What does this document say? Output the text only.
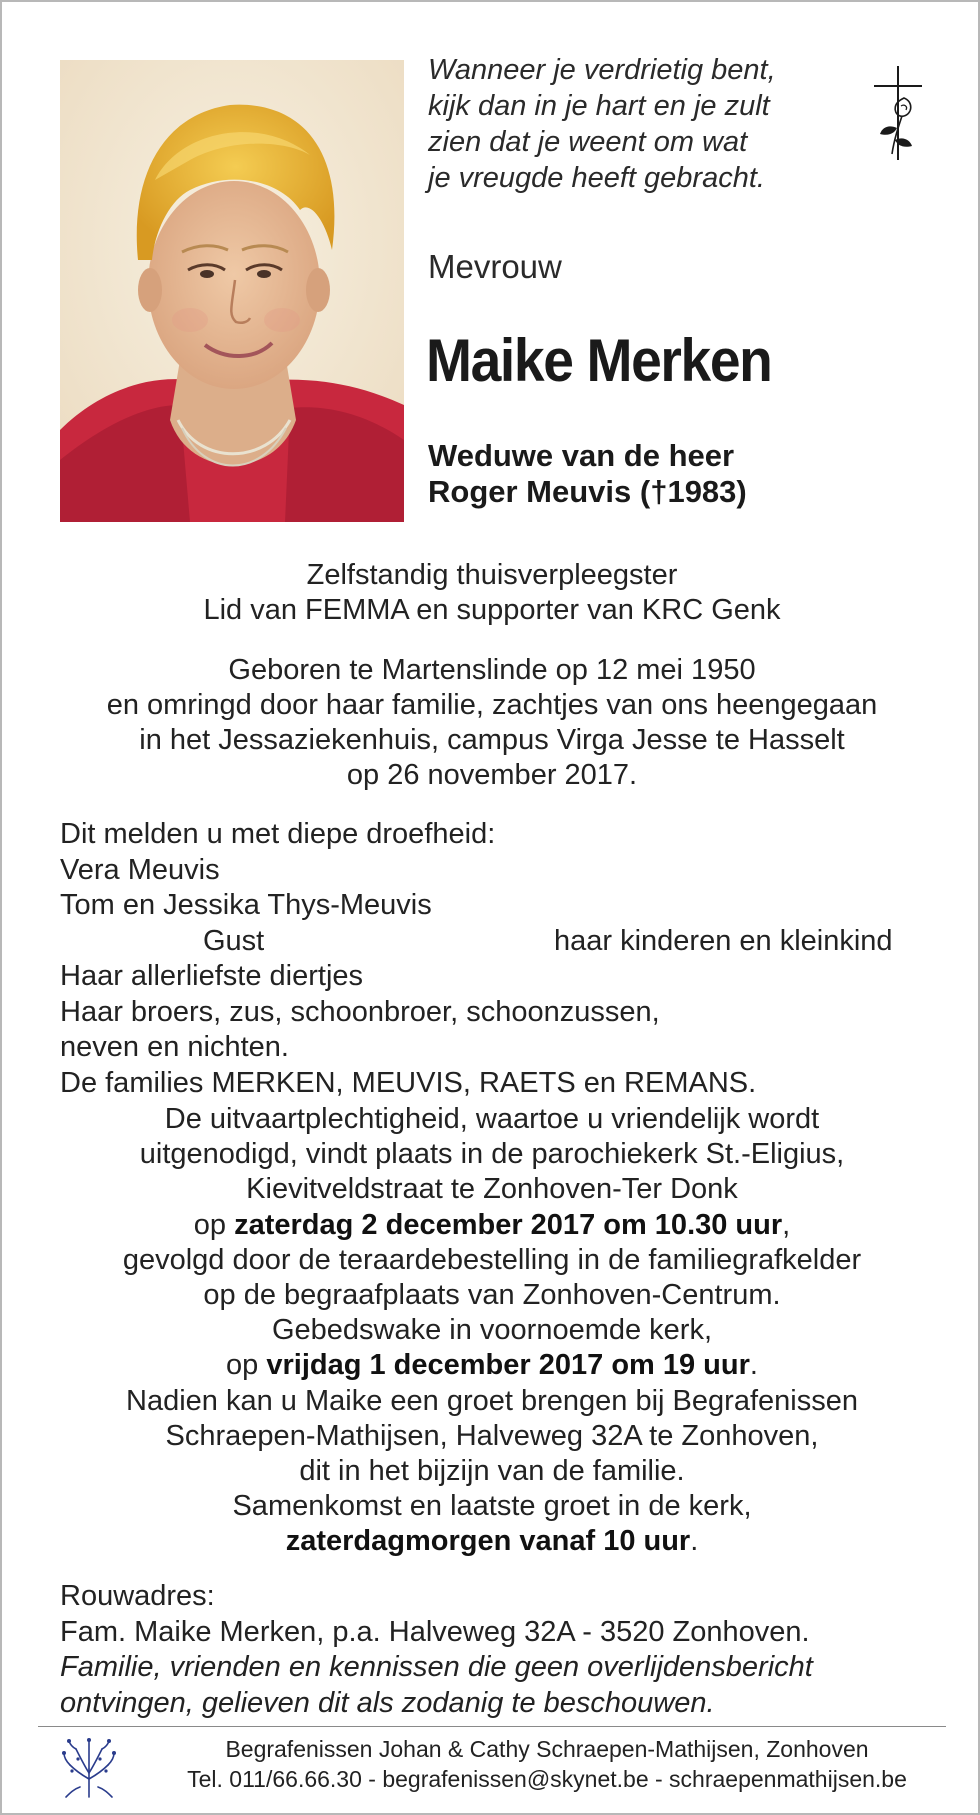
Wanneer je verdrietig bent,
kijk dan in je hart en je zult
zien dat je weent om wat
je vreugde heeft gebracht.
Mevrouw
Maike Merken
Weduwe van de heer
Roger Meuvis (†1983)
Zelfstandig thuisverpleegster
Lid van FEMMA en supporter van KRC Genk
Geboren te Martenslinde op 12 mei 1950
en omringd door haar familie, zachtjes van ons heengegaan
in het Jessaziekenhuis, campus Virga Jesse te Hasselt
op 26 november 2017.
Dit melden u met diepe droefheid:
Vera Meuvis
Tom en Jessika Thys-Meuvis
Gust	haar kinderen en kleinkind
Haar allerliefste diertjes
Haar broers, zus, schoonbroer, schoonzussen,
neven en nichten.
De families MERKEN, MEUVIS, RAETS en REMANS.
De uitvaartplechtigheid, waartoe u vriendelijk wordt
uitgenodigd, vindt plaats in de parochiekerk St.-Eligius,
Kievitveldstraat te Zonhoven-Ter Donk
op zaterdag 2 december 2017 om 10.30 uur,
gevolgd door de teraardebestelling in de familiegrafkelder
op de begraafplaats van Zonhoven-Centrum.
Gebedswake in voornoemde kerk,
op vrijdag 1 december 2017 om 19 uur.
Nadien kan u Maike een groet brengen bij Begrafenissen
Schraepen-Mathijsen, Halveweg 32A te Zonhoven,
dit in het bijzijn van de familie.
Samenkomst en laatste groet in de kerk,
zaterdagmorgen vanaf 10 uur.
Rouwadres:
Fam. Maike Merken, p.a. Halveweg 32A - 3520 Zonhoven.
Familie, vrienden en kennissen die geen overlijdensbericht
ontvingen, gelieven dit als zodanig te beschouwen.
Begrafenissen Johan & Cathy Schraepen-Mathijsen, Zonhoven
Tel. 011/66.66.30 - begrafenissen@skynet.be - schraepenmathijsen.be
